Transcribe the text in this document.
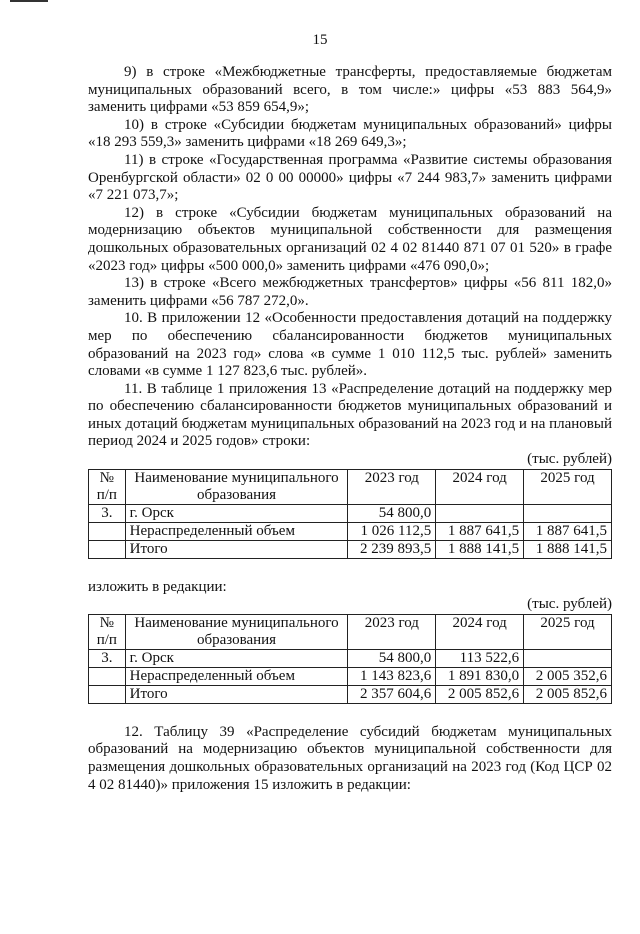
15

9) в строке «Межбюджетные трансферты, предоставляемые бюджетам муниципальных образований всего, в том числе:» цифры «53 883 564,9» заменить цифрами «53 859 654,9»;

10) в строке «Субсидии бюджетам муниципальных образований» цифры «18 293 559,3» заменить цифрами «18 269 649,3»;

11) в строке «Государственная программа «Развитие системы образования Оренбургской области» 02 0 00 00000» цифры «7 244 983,7» заменить цифрами «7 221 073,7»;

12) в строке «Субсидии бюджетам муниципальных образований на модернизацию объектов муниципальной собственности для размещения дошкольных образовательных организаций 02 4 02 81440 871 07 01 520» в графе «2023 год» цифры «500 000,0» заменить цифрами «476 090,0»;

13) в строке «Всего межбюджетных трансфертов» цифры «56 811 182,0» заменить цифрами «56 787 272,0».

10. В приложении 12 «Особенности предоставления дотаций на поддержку мер по обеспечению сбалансированности бюджетов муниципальных образований на 2023 год» слова «в сумме 1 010 112,5 тыс. рублей» заменить словами «в сумме 1 127 823,6 тыс. рублей».

11. В таблице 1 приложения 13 «Распределение дотаций на поддержку мер по обеспечению сбалансированности бюджетов муниципальных образований и иных дотаций бюджетам муниципальных образований на 2023 год и на плановый период 2024 и 2025 годов» строки:

(тыс. рублей)

№ п/п	Наименование муниципального образования	2023 год	2024 год	2025 год
3.	г. Орск	54 800,0		
	Нераспределенный объем	1 026 112,5	1 887 641,5	1 887 641,5
	Итого	2 239 893,5	1 888 141,5	1 888 141,5

изложить в редакции:

(тыс. рублей)

№ п/п	Наименование муниципального образования	2023 год	2024 год	2025 год
3.	г. Орск	54 800,0	113 522,6	
	Нераспределенный объем	1 143 823,6	1 891 830,0	2 005 352,6
	Итого	2 357 604,6	2 005 852,6	2 005 852,6

12. Таблицу 39 «Распределение субсидий бюджетам муниципальных образований на модернизацию объектов муниципальной собственности для размещения дошкольных образовательных организаций на 2023 год (Код ЦСР 02 4 02 81440)» приложения 15 изложить в редакции:
